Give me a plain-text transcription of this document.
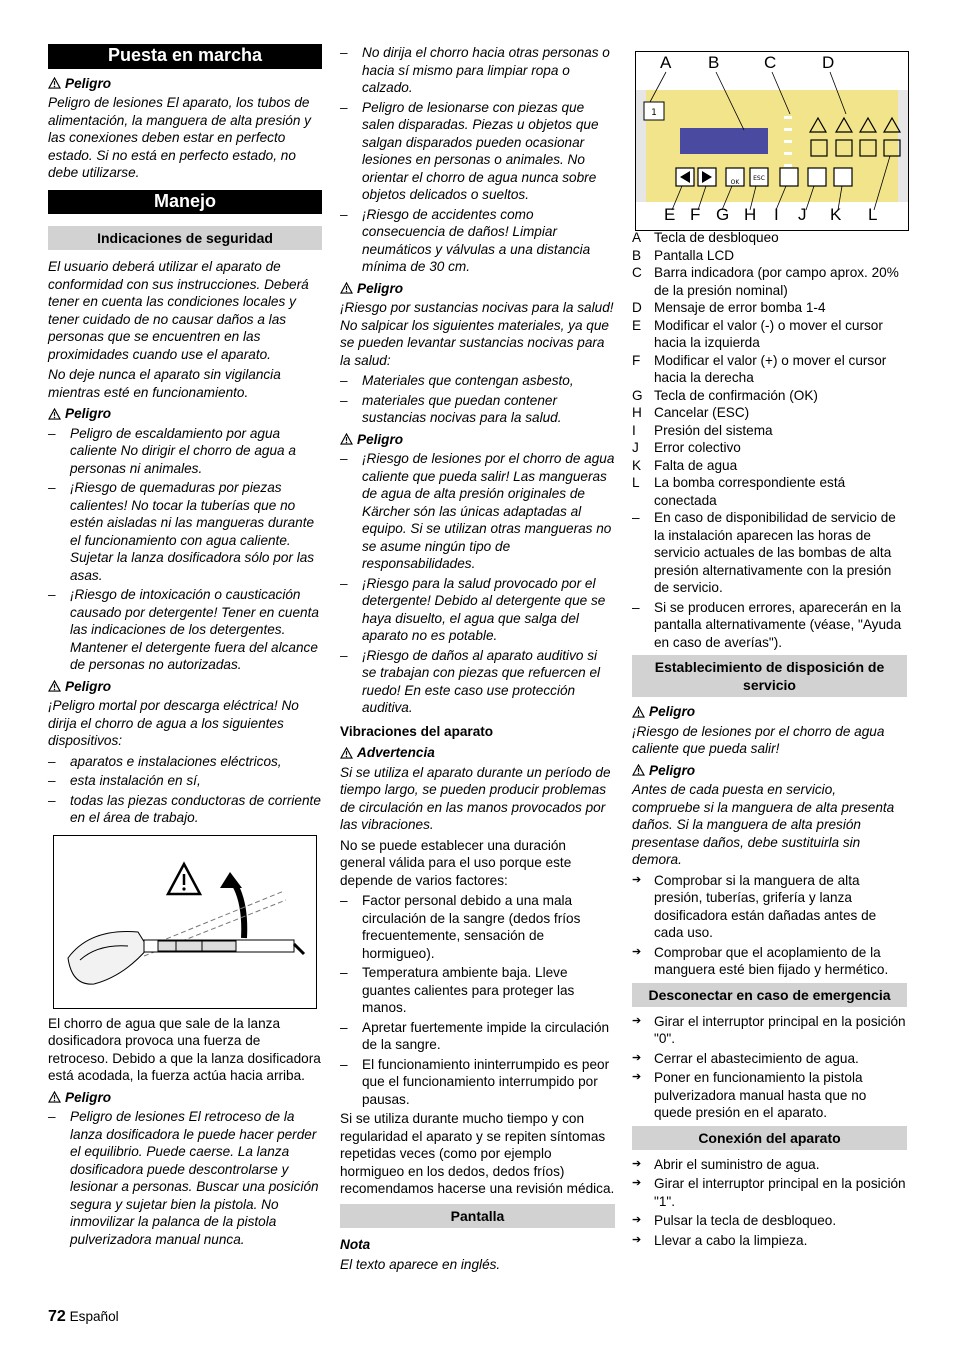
Puesta en marcha
Peligro

Peligro de lesiones El aparato, los tubos de alimentación, la manguera de alta presión y las conexiones deben estar en perfecto estado. Si no está en perfecto estado, no debe utilizarse.

Manejo
Indicaciones de seguridad

El usuario deberá utilizar el aparato de conformidad con sus instrucciones. Deberá tener en cuenta las condiciones locales y tener cuidado de no causar daños a las personas que se encuentren en las proximidades cuando use el aparato.

No deje nunca el aparato sin vigilancia mientras esté en funcionamiento.

Peligro
– Peligro de escaldamiento por agua caliente No dirigir el chorro de agua a personas ni animales.
– ¡Riesgo de quemaduras por piezas calientes! No tocar la tuberías que no estén aisladas ni las mangueras durante el funcionamiento con agua caliente. Sujetar la lanza dosificadora sólo por las asas.
– ¡Riesgo de intoxicación o causticación causado por detergente! Tener en cuenta las indicaciones de los detergentes. Mantener el detergente fuera del alcance de personas no autorizadas.
Peligro

¡Peligro mortal por descarga eléctrica! No dirija el chorro de agua a los siguientes dispositivos:

– aparatos e instalaciones eléctricos,
– esta instalación en sí,
– todas las piezas conductoras de corriente en el área de trabajo.

El chorro de agua que sale de la lanza dosificadora provoca una fuerza de retroceso. Debido a que la lanza dosificadora está acodada, la fuerza actúa hacia arriba.

Peligro
– Peligro de lesiones El retroceso de la lanza dosificadora le puede hacer perder el equilibrio. Puede caerse. La lanza dosificadora puede descontrolarse y lesionar a personas. Buscar una posición segura y sujetar bien la pistola. No inmovilizar la palanca de la pistola pulverizadora manual nunca.
– No dirija el chorro hacia otras personas o hacia sí mismo para limpiar ropa o calzado.
– Peligro de lesionarse con piezas que salen disparadas. Piezas u objetos que salgan disparados pueden ocasionar lesiones en personas o animales. No orientar el chorro de agua nunca sobre objetos delicados o sueltos.
– ¡Riesgo de accidentes como consecuencia de daños! Limpiar neumáticos y válvulas a una distancia mínima de 30 cm.
Peligro

¡Riesgo por sustancias nocivas para la salud! No salpicar los siguientes materiales, ya que se pueden levantar sustancias nocivas para la salud:

– Materiales que contengan asbesto,
– materiales que puedan contener sustancias nocivas para la salud.
Peligro
– ¡Riesgo de lesiones por el chorro de agua caliente que pueda salir! Las mangueras de agua de alta presión originales de Kärcher són las únicas adaptadas al equipo. Si se utilizan otras mangueras no se asume ningún tipo de responsabilidades.
– ¡Riesgo para la salud provocado por el detergente! Debido al detergente que se haya disuelto, el agua que salga del aparato no es potable.
– ¡Riesgo de daños al aparato auditivo si se trabajan con piezas que refuercen el ruedo! En este caso use protección auditiva.

Vibraciones del aparato

Advertencia

Si se utiliza el aparato durante un período de tiempo largo, se pueden producir problemas de circulación en las manos provocados por las vibraciones.

No se puede establecer una duración general válida para el uso porque este depende de varios factores:

– Factor personal debido a una mala circulación de la sangre (dedos fríos frecuentemente, sensación de hormigueo).
– Temperatura ambiente baja. Lleve guantes calientes para proteger las manos.
– Apretar fuertemente impide la circulación de la sangre.
– El funcionamiento ininterrumpido es peor que el funcionamiento interrumpido por pausas.

Si se utiliza durante mucho tiempo y con regularidad el aparato y se repiten síntomas repetidas veces (como por ejemplo hormigueo en los dedos, dedos fríos) recomendamos hacerse una revisión médica.

Pantalla

Nota

El texto aparece en inglés.

1
OK
ESC
A B	C	D
E F G H I J K L
A Tecla de desbloqueo
B Pantalla LCD
C Barra indicadora (por campo aprox. 20% de la presión nominal)
D Mensaje de error bomba 1-4
E Modificar el valor (-) o mover el cursor hacia la izquierda
F	Modificar el valor (+) o mover el cursor hacia la derecha
G Tecla de confirmación (OK)
H Cancelar (ESC)
I	Presión del sistema
J	Error colectivo
K Falta de agua
L	La bomba correspondiente está conectada
– En caso de disponibilidad de servicio de la instalación aparecen las horas de servicio actuales de las bombas de alta presión alternativamente con la presión de servicio.
– Si se producen errores, aparecerán en la pantalla alternativamente (véase, "Ayuda en caso de averías").
Establecimiento de disposición de servicio
Peligro

¡Riesgo de lesiones por el chorro de agua caliente que pueda salir!

Peligro

Antes de cada puesta en servicio, compruebe si la manguera de alta presenta daños. Si la manguera de alta presión presentase daños, debe sustituirla sin demora.

➔ Comprobar si la manguera de alta presión, tuberías, grifería y lanza dosificadora están dañadas antes de cada uso.
➔ Comprobar que el acoplamiento de la manguera esté bien fijado y hermético.
Desconectar en caso de emergencia
➔ Girar el interruptor principal en la posición "0".
➔ Cerrar el abastecimiento de agua.
➔ Poner en funcionamiento la pistola pulverizadora manual hasta que no quede presión en el aparato.
Conexión del aparato
➔ Abrir el suministro de agua.
➔ Girar el interruptor principal en la posición "1".
➔ Pulsar la tecla de desbloqueo.
➔ Llevar a cabo la limpieza.
72 Español
